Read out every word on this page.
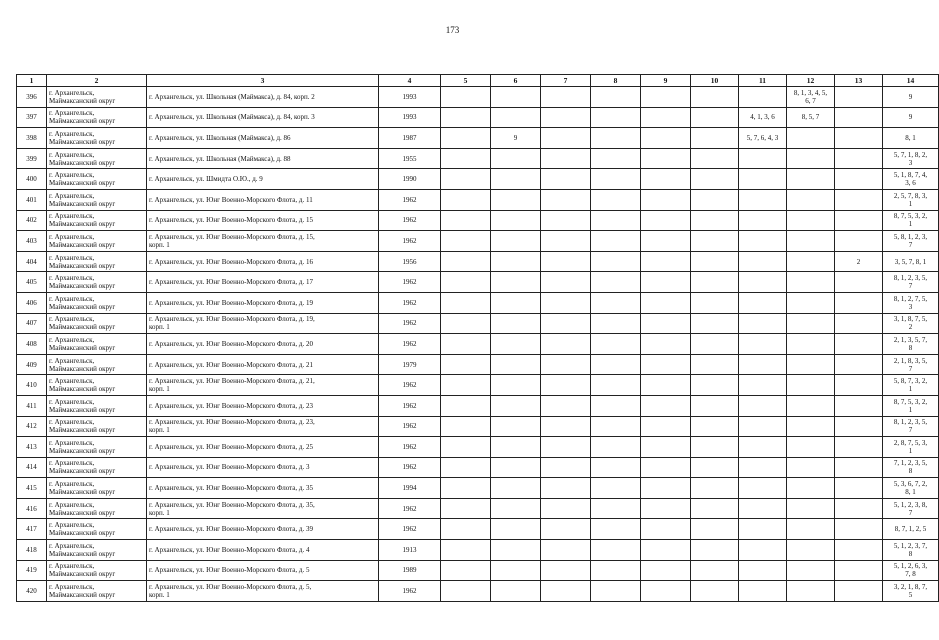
173
1	2	3	4	5	6	7	8	9	10	11	12	13	14
396	г. Архангельск,
Маймаксанский округ	г. Архангельск, ул. Школьная (Маймакса), д. 84, корп. 2	1993								8, 1, 3, 4, 5,
6, 7		9
397	г. Архангельск,
Маймаксанский округ	г. Архангельск, ул. Школьная (Маймакса), д. 84, корп. 3	1993							4, 1, 3, 6	8, 5, 7		9
398	г. Архангельск,
Маймаксанский округ	г. Архангельск, ул. Школьная (Маймакса), д. 86	1987		9					5, 7, 6, 4, 3			8, 1
399	г. Архангельск,
Маймаксанский округ	г. Архангельск, ул. Школьная (Маймакса), д. 88	1955										5, 7, 1, 8, 2,
3
400	г. Архангельск,
Маймаксанский округ	г. Архангельск, ул. Шмидта О.Ю., д. 9	1990										5, 1, 8, 7, 4,
3, 6
401	г. Архангельск,
Маймаксанский округ	г. Архангельск, ул. Юнг Военно-Морского Флота, д. 11	1962										2, 5, 7, 8, 3,
1
402	г. Архангельск,
Маймаксанский округ	г. Архангельск, ул. Юнг Военно-Морского Флота, д. 15	1962										8, 7, 5, 3, 2,
1
403	г. Архангельск,
Маймаксанский округ	г. Архангельск, ул. Юнг Военно-Морского Флота, д. 15,
корп. 1	1962										5, 8, 1, 2, 3,
7
404	г. Архангельск,
Маймаксанский округ	г. Архангельск, ул. Юнг Военно-Морского Флота, д. 16	1956									2	3, 5, 7, 8, 1
405	г. Архангельск,
Маймаксанский округ	г. Архангельск, ул. Юнг Военно-Морского Флота, д. 17	1962										8, 1, 2, 3, 5,
7
406	г. Архангельск,
Маймаксанский округ	г. Архангельск, ул. Юнг Военно-Морского Флота, д. 19	1962										8, 1, 2, 7, 5,
3
407	г. Архангельск,
Маймаксанский округ	г. Архангельск, ул. Юнг Военно-Морского Флота, д. 19,
корп. 1	1962										3, 1, 8, 7, 5,
2
408	г. Архангельск,
Маймаксанский округ	г. Архангельск, ул. Юнг Военно-Морского Флота, д. 20	1962										2, 1, 3, 5, 7,
8
409	г. Архангельск,
Маймаксанский округ	г. Архангельск, ул. Юнг Военно-Морского Флота, д. 21	1979										2, 1, 8, 3, 5,
7
410	г. Архангельск,
Маймаксанский округ	г. Архангельск, ул. Юнг Военно-Морского Флота, д. 21,
корп. 1	1962										5, 8, 7, 3, 2,
1
411	г. Архангельск,
Маймаксанский округ	г. Архангельск, ул. Юнг Военно-Морского Флота, д. 23	1962										8, 7, 5, 3, 2,
1
412	г. Архангельск,
Маймаксанский округ	г. Архангельск, ул. Юнг Военно-Морского Флота, д. 23,
корп. 1	1962										8, 1, 2, 3, 5,
7
413	г. Архангельск,
Маймаксанский округ	г. Архангельск, ул. Юнг Военно-Морского Флота, д. 25	1962										2, 8, 7, 5, 3,
1
414	г. Архангельск,
Маймаксанский округ	г. Архангельск, ул. Юнг Военно-Морского Флота, д. 3	1962										7, 1, 2, 3, 5,
8
415	г. Архангельск,
Маймаксанский округ	г. Архангельск, ул. Юнг Военно-Морского Флота, д. 35	1994										5, 3, 6, 7, 2,
8, 1
416	г. Архангельск,
Маймаксанский округ	г. Архангельск, ул. Юнг Военно-Морского Флота, д. 35,
корп. 1	1962										5, 1, 2, 3, 8,
7
417	г. Архангельск,
Маймаксанский округ	г. Архангельск, ул. Юнг Военно-Морского Флота, д. 39	1962										8, 7, 1, 2, 5
418	г. Архангельск,
Маймаксанский округ	г. Архангельск, ул. Юнг Военно-Морского Флота, д. 4	1913										5, 1, 2, 3, 7,
8
419	г. Архангельск,
Маймаксанский округ	г. Архангельск, ул. Юнг Военно-Морского Флота, д. 5	1989										5, 1, 2, 6, 3,
7, 8
420	г. Архангельск,
Маймаксанский округ	г. Архангельск, ул. Юнг Военно-Морского Флота, д. 5,
корп. 1	1962										3, 2, 1, 8, 7,
5
